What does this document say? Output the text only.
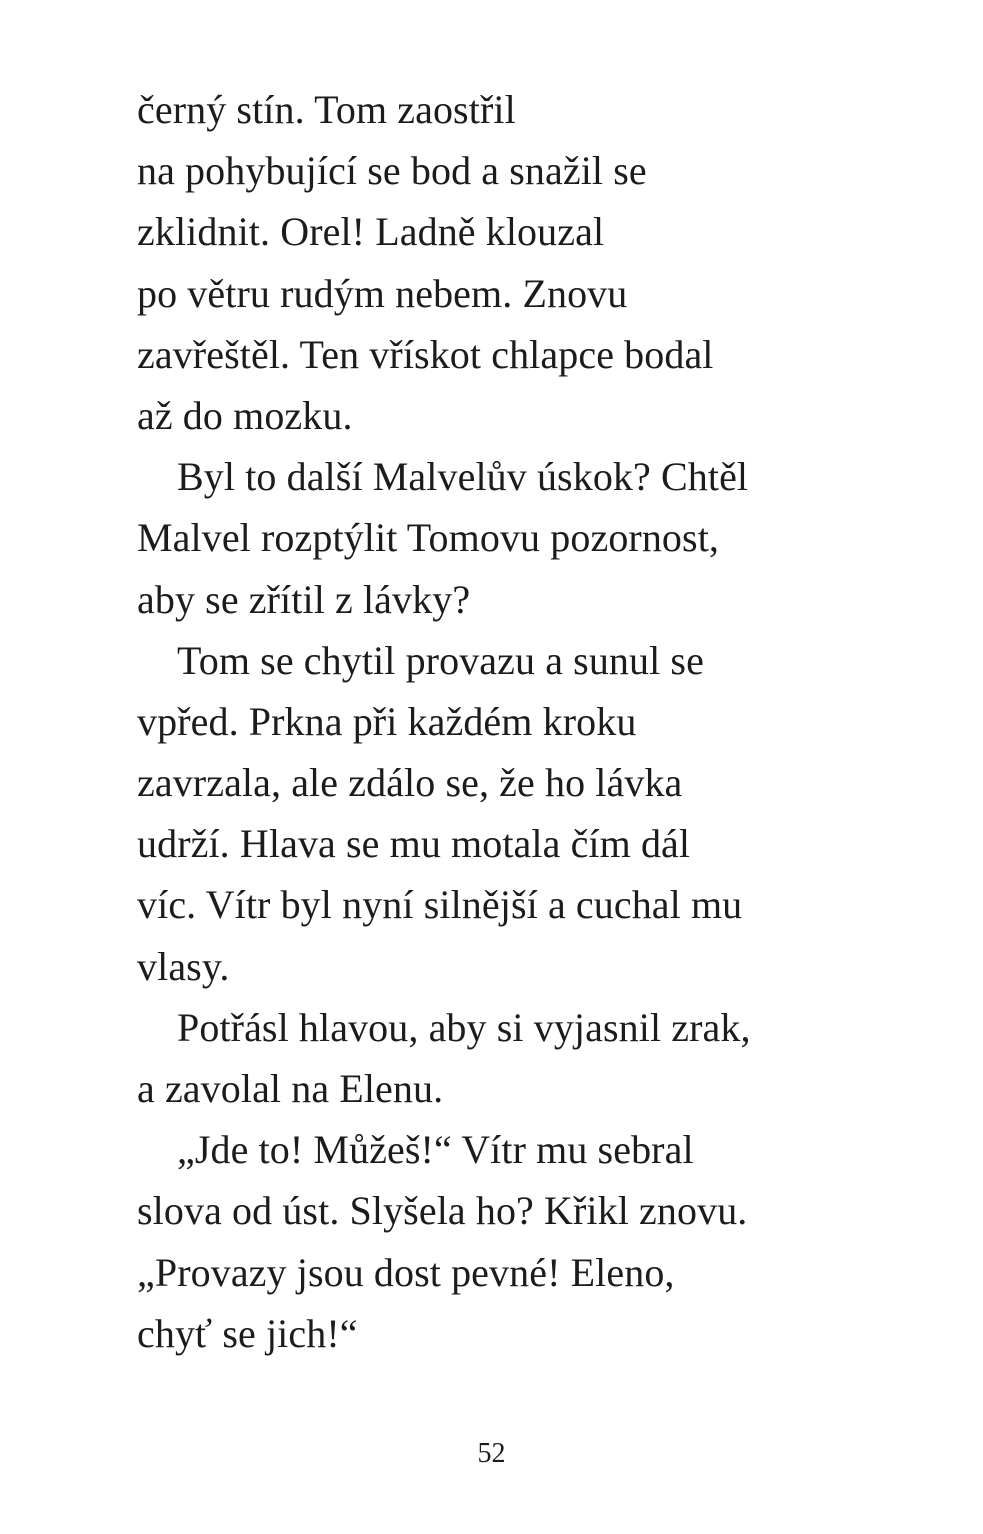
černý stín. Tom zaostřil
na pohybující se bod a snažil se
zklidnit. Orel! Ladně klouzal
po větru rudým nebem. Znovu
zavřeštěl. Ten vřískot chlapce bodal
až do mozku.
Byl to další Malvelův úskok? Chtěl
Malvel rozptýlit Tomovu pozornost,
aby se zřítil z lávky?
Tom se chytil provazu a sunul se
vpřed. Prkna při každém kroku
zavrzala, ale zdálo se, že ho lávka
udrží. Hlava se mu motala čím dál
víc. Vítr byl nyní silnější a cuchal mu
vlasy.
Potřásl hlavou, aby si vyjasnil zrak,
a zavolal na Elenu.
„Jde to! Můžeš!“ Vítr mu sebral
slova od úst. Slyšela ho? Křikl znovu.
„Provazy jsou dost pevné! Eleno,
chyť se jich!“
52
